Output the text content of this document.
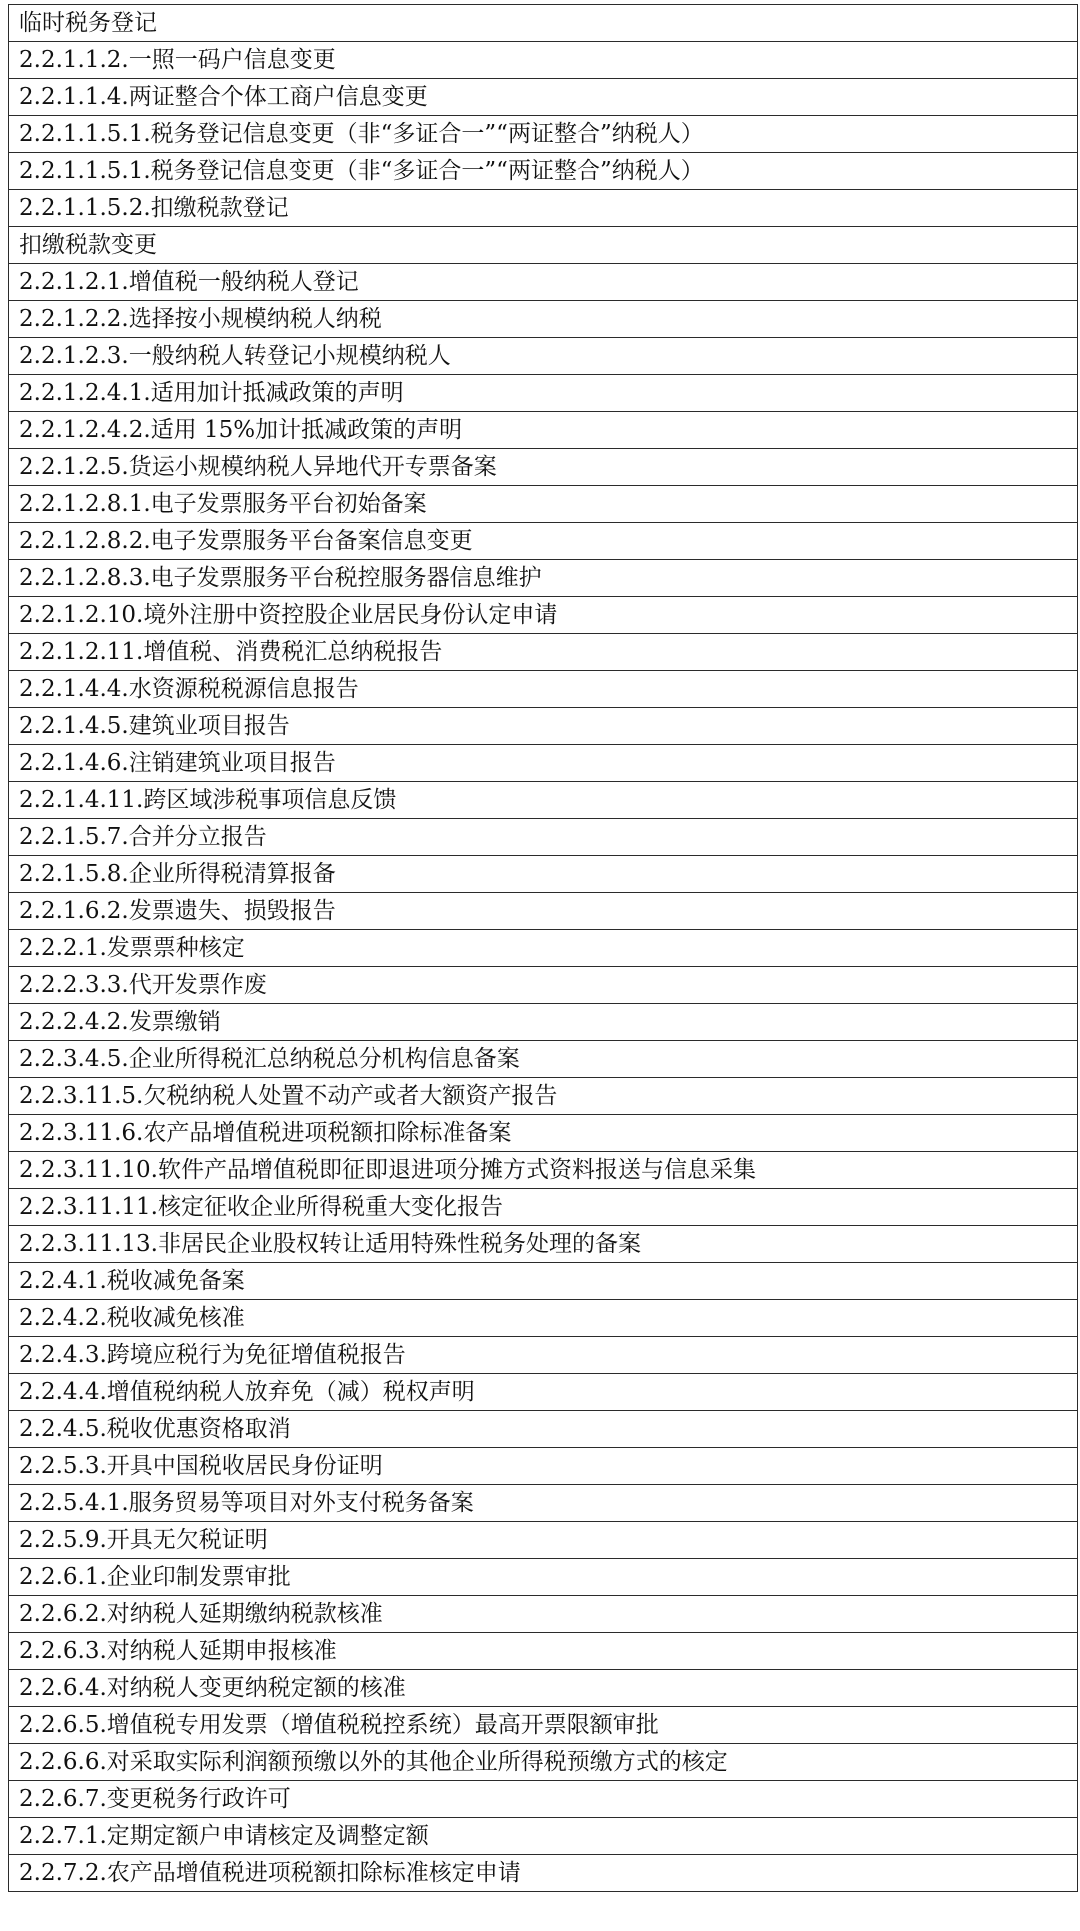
临时税务登记
2.2.1.1.2.一照一码户信息变更
2.2.1.1.4.两证整合个体工商户信息变更
2.2.1.1.5.1.税务登记信息变更（非“多证合一”“两证整合”纳税人）
2.2.1.1.5.1.税务登记信息变更（非“多证合一”“两证整合”纳税人）
2.2.1.1.5.2.扣缴税款登记
扣缴税款变更
2.2.1.2.1.增值税一般纳税人登记
2.2.1.2.2.选择按小规模纳税人纳税
2.2.1.2.3.一般纳税人转登记小规模纳税人
2.2.1.2.4.1.适用加计抵减政策的声明
2.2.1.2.4.2.适用 15%加计抵减政策的声明
2.2.1.2.5.货运小规模纳税人异地代开专票备案
2.2.1.2.8.1.电子发票服务平台初始备案
2.2.1.2.8.2.电子发票服务平台备案信息变更
2.2.1.2.8.3.电子发票服务平台税控服务器信息维护
2.2.1.2.10.境外注册中资控股企业居民身份认定申请
2.2.1.2.11.增值税、消费税汇总纳税报告
2.2.1.4.4.水资源税税源信息报告
2.2.1.4.5.建筑业项目报告
2.2.1.4.6.注销建筑业项目报告
2.2.1.4.11.跨区域涉税事项信息反馈
2.2.1.5.7.合并分立报告
2.2.1.5.8.企业所得税清算报备
2.2.1.6.2.发票遗失、损毁报告
2.2.2.1.发票票种核定
2.2.2.3.3.代开发票作废
2.2.2.4.2.发票缴销
2.2.3.4.5.企业所得税汇总纳税总分机构信息备案
2.2.3.11.5.欠税纳税人处置不动产或者大额资产报告
2.2.3.11.6.农产品增值税进项税额扣除标准备案
2.2.3.11.10.软件产品增值税即征即退进项分摊方式资料报送与信息采集
2.2.3.11.11.核定征收企业所得税重大变化报告
2.2.3.11.13.非居民企业股权转让适用特殊性税务处理的备案
2.2.4.1.税收减免备案
2.2.4.2.税收减免核准
2.2.4.3.跨境应税行为免征增值税报告
2.2.4.4.增值税纳税人放弃免（减）税权声明
2.2.4.5.税收优惠资格取消
2.2.5.3.开具中国税收居民身份证明
2.2.5.4.1.服务贸易等项目对外支付税务备案
2.2.5.9.开具无欠税证明
2.2.6.1.企业印制发票审批
2.2.6.2.对纳税人延期缴纳税款核准
2.2.6.3.对纳税人延期申报核准
2.2.6.4.对纳税人变更纳税定额的核准
2.2.6.5.增值税专用发票（增值税税控系统）最高开票限额审批
2.2.6.6.对采取实际利润额预缴以外的其他企业所得税预缴方式的核定
2.2.6.7.变更税务行政许可
2.2.7.1.定期定额户申请核定及调整定额
2.2.7.2.农产品增值税进项税额扣除标准核定申请
